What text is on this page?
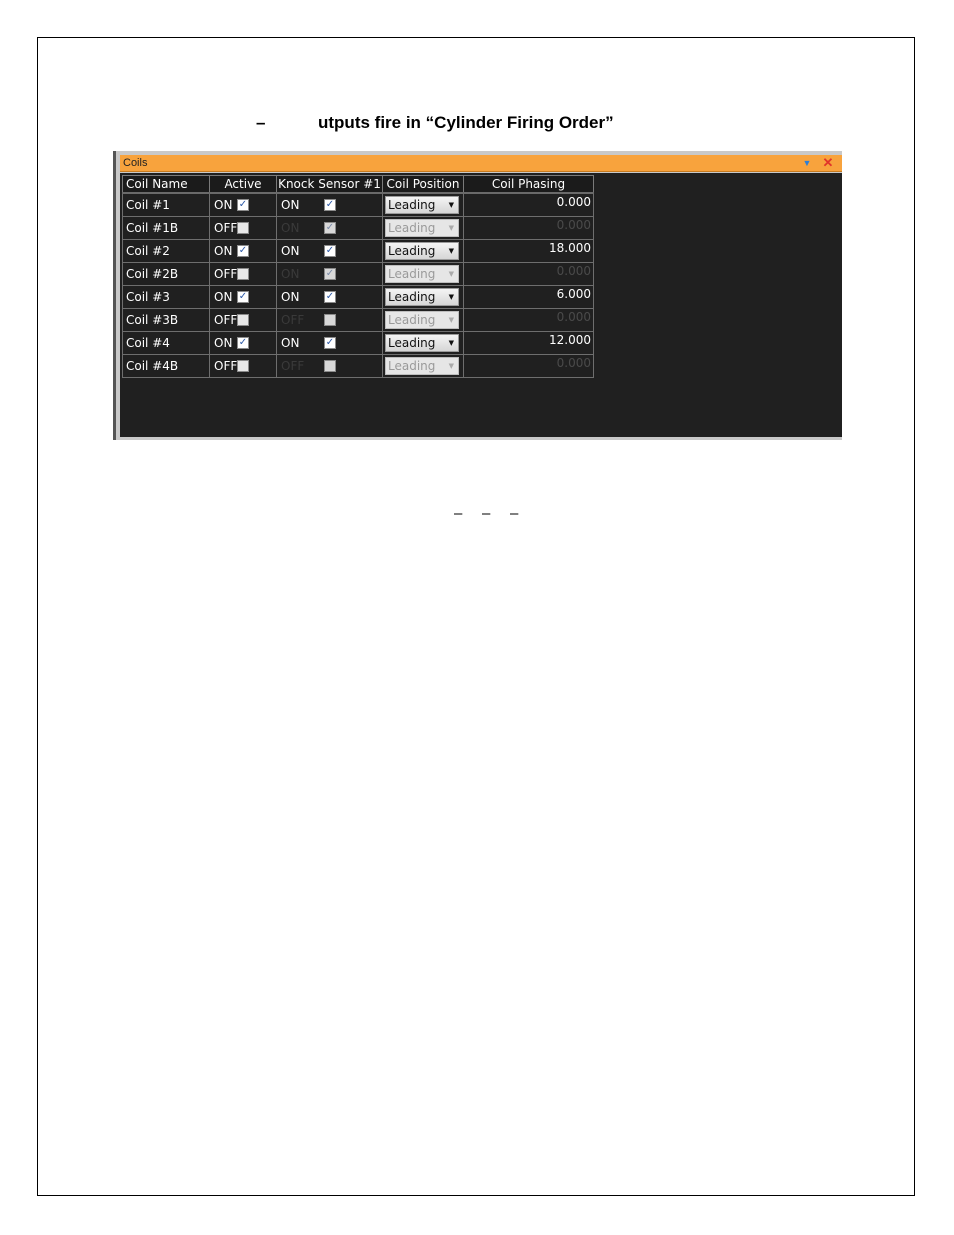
–	utputs fire in “Cylinder Firing Order”
Coils	▼ ✕
Coil Name	Active	Knock Sensor #1	Coil Position	Coil Phasing
Coil #1	ON ✓	ON ✓	Leading ▼	0.000

Coil #1B	OFF	ON ✓	Leading ▼	0.000

Coil #2	ON ✓	ON ✓	Leading ▼	18.000

Coil #2B	OFF	ON ✓	Leading ▼	0.000

Coil #3	ON ✓	ON ✓	Leading ▼	6.000

Coil #3B	OFF	OFF	Leading ▼	0.000

Coil #4	ON ✓	ON ✓	Leading ▼	12.000

Coil #4B	OFF	OFF	Leading ▼	0.000
– – –
